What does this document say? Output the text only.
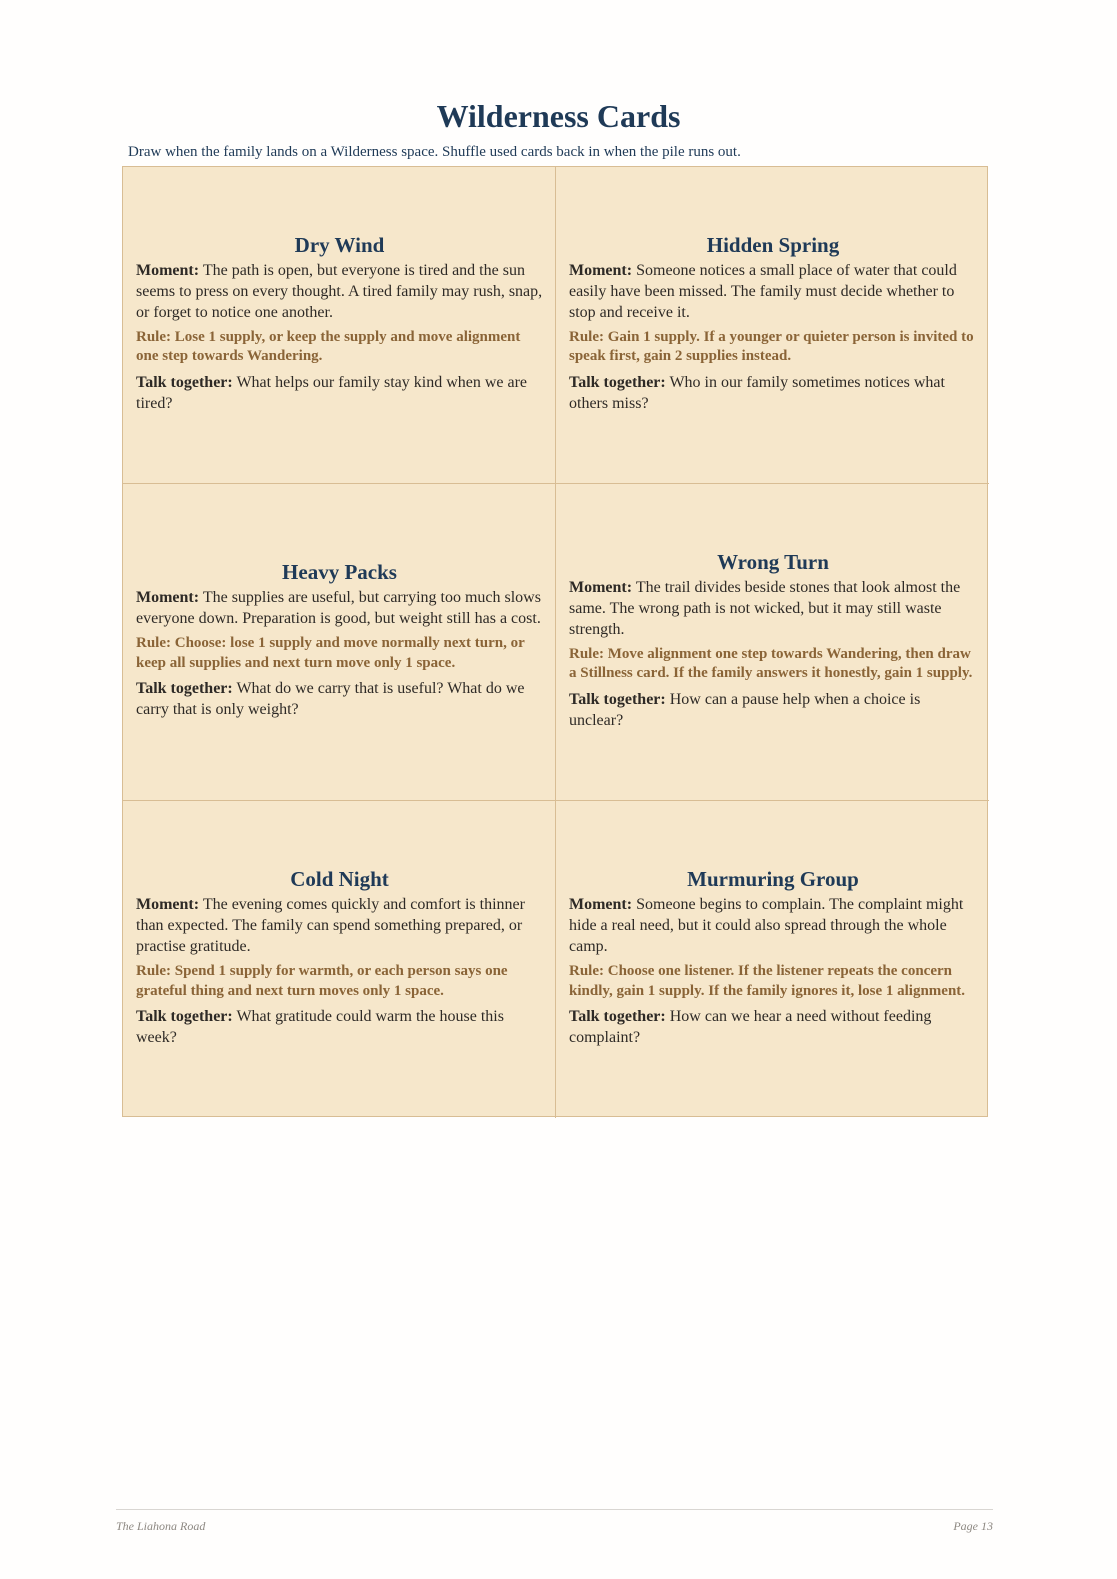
Wilderness Cards

Draw when the family lands on a Wilderness space. Shuffle used cards back in when the pile runs out.

Dry Wind

Moment: The path is open, but everyone is tired and the sun seems to press on every thought. A tired family may rush, snap, or forget to notice one another.

Rule: Lose 1 supply, or keep the supply and move alignment one step towards Wandering.

Talk together: What helps our family stay kind when we are tired?

Hidden Spring

Moment: Someone notices a small place of water that could easily have been missed. The family must decide whether to stop and receive it.

Rule: Gain 1 supply. If a younger or quieter person is invited to speak first, gain 2 supplies instead.

Talk together: Who in our family sometimes notices what others miss?

Heavy Packs

Moment: The supplies are useful, but carrying too much slows everyone down. Preparation is good, but weight still has a cost.

Rule: Choose: lose 1 supply and move normally next turn, or keep all supplies and next turn move only 1 space.

Talk together: What do we carry that is useful? What do we carry that is only weight?

Wrong Turn

Moment: The trail divides beside stones that look almost the same. The wrong path is not wicked, but it may still waste strength.

Rule: Move alignment one step towards Wandering, then draw a Stillness card. If the family answers it honestly, gain 1 supply.

Talk together: How can a pause help when a choice is unclear?

Cold Night

Moment: The evening comes quickly and comfort is thinner than expected. The family can spend something prepared, or practise gratitude.

Rule: Spend 1 supply for warmth, or each person says one grateful thing and next turn moves only 1 space.

Talk together: What gratitude could warm the house this week?

Murmuring Group

Moment: Someone begins to complain. The complaint might hide a real need, but it could also spread through the whole camp.

Rule: Choose one listener. If the listener repeats the concern kindly, gain 1 supply. If the family ignores it, lose 1 alignment.

Talk together: How can we hear a need without feeding complaint?

The Liahona Road	Page 13
